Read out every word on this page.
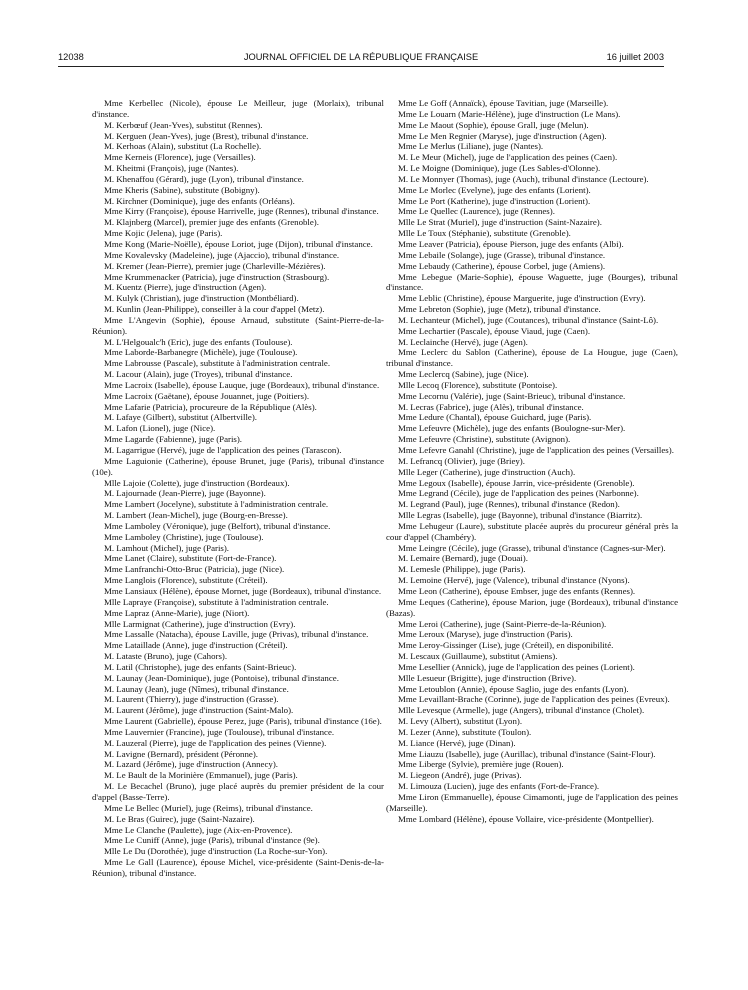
12038	JOURNAL OFFICIEL DE LA RÉPUBLIQUE FRANÇAISE	16 juillet 2003

Mme Kerbellec (Nicole), épouse Le Meilleur, juge (Morlaix), tribunal d'instance.

M. Kerbœuf (Jean-Yves), substitut (Rennes).

M. Kerguen (Jean-Yves), juge (Brest), tribunal d'instance.

M. Kerhoas (Alain), substitut (La Rochelle).

Mme Kerneis (Florence), juge (Versailles).

M. Kheitmi (François), juge (Nantes).

M. Khenaffou (Gérard), juge (Lyon), tribunal d'instance.

Mme Kheris (Sabine), substitute (Bobigny).

M. Kirchner (Dominique), juge des enfants (Orléans).

Mme Kirry (Françoise), épouse Harrivelle, juge (Rennes), tribunal d'instance.

M. Klajnberg (Marcel), premier juge des enfants (Grenoble).

Mme Kojic (Jelena), juge (Paris).

Mme Kong (Marie-Noëlle), épouse Loriot, juge (Dijon), tribunal d'instance.

Mme Kovalevsky (Madeleine), juge (Ajaccio), tribunal d'instance.

M. Kremer (Jean-Pierre), premier juge (Charleville-Mézières).

Mme Krummenacker (Patricia), juge d'instruction (Strasbourg).

M. Kuentz (Pierre), juge d'instruction (Agen).

M. Kulyk (Christian), juge d'instruction (Montbéliard).

M. Kunlin (Jean-Philippe), conseiller à la cour d'appel (Metz).

Mme L'Angevin (Sophie), épouse Arnaud, substitute (Saint-Pierre-de-la-Réunion).

M. L'Helgoualc'h (Eric), juge des enfants (Toulouse).

Mme Laborde-Barbanegre (Michèle), juge (Toulouse).

Mme Labrousse (Pascale), substitute à l'administration centrale.

M. Lacour (Alain), juge (Troyes), tribunal d'instance.

Mme Lacroix (Isabelle), épouse Lauque, juge (Bordeaux), tribunal d'instance.

Mme Lacroix (Gaëtane), épouse Jouannet, juge (Poitiers).

Mme Lafarie (Patricia), procureure de la République (Alès).

M. Lafaye (Gilbert), substitut (Albertville).

M. Lafon (Lionel), juge (Nice).

Mme Lagarde (Fabienne), juge (Paris).

M. Lagarrigue (Hervé), juge de l'application des peines (Tarascon).

Mme Laguionie (Catherine), épouse Brunet, juge (Paris), tribunal d'instance (10e).

Mlle Lajoie (Colette), juge d'instruction (Bordeaux).

M. Lajournade (Jean-Pierre), juge (Bayonne).

Mme Lambert (Jocelyne), substitute à l'administration centrale.

M. Lambert (Jean-Michel), juge (Bourg-en-Bresse).

Mme Lamboley (Véronique), juge (Belfort), tribunal d'instance.

Mme Lamboley (Christine), juge (Toulouse).

M. Lamhout (Michel), juge (Paris).

Mme Lanet (Claire), substitute (Fort-de-France).

Mme Lanfranchi-Otto-Bruc (Patricia), juge (Nice).

Mme Langlois (Florence), substitute (Créteil).

Mme Lansiaux (Hélène), épouse Mornet, juge (Bordeaux), tribunal d'instance.

Mlle Lapraye (Françoise), substitute à l'administration centrale.

Mme Lapraz (Anne-Marie), juge (Niort).

Mlle Larmignat (Catherine), juge d'instruction (Evry).

Mme Lassalle (Natacha), épouse Laville, juge (Privas), tribunal d'instance.

Mme Lataillade (Anne), juge d'instruction (Créteil).

M. Lataste (Bruno), juge (Cahors).

M. Latil (Christophe), juge des enfants (Saint-Brieuc).

M. Launay (Jean-Dominique), juge (Pontoise), tribunal d'instance.

M. Launay (Jean), juge (Nîmes), tribunal d'instance.

M. Laurent (Thierry), juge d'instruction (Grasse).

M. Laurent (Jérôme), juge d'instruction (Saint-Malo).

Mme Laurent (Gabrielle), épouse Perez, juge (Paris), tribunal d'instance (16e).

Mme Lauvernier (Francine), juge (Toulouse), tribunal d'instance.

M. Lauzeral (Pierre), juge de l'application des peines (Vienne).

M. Lavigne (Bernard), président (Péronne).

M. Lazard (Jérôme), juge d'instruction (Annecy).

M. Le Bault de la Morinière (Emmanuel), juge (Paris).

M. Le Becachel (Bruno), juge placé auprès du premier président de la cour d'appel (Basse-Terre).

Mme Le Bellec (Muriel), juge (Reims), tribunal d'instance.

M. Le Bras (Guirec), juge (Saint-Nazaire).

Mme Le Clanche (Paulette), juge (Aix-en-Provence).

Mme Le Cuniff (Anne), juge (Paris), tribunal d'instance (9e).

Mlle Le Du (Dorothée), juge d'instruction (La Roche-sur-Yon).

Mme Le Gall (Laurence), épouse Michel, vice-présidente (Saint-Denis-de-la-Réunion), tribunal d'instance.

Mme Le Goff (Annaïck), épouse Tavitian, juge (Marseille).

Mme Le Louarn (Marie-Hélène), juge d'instruction (Le Mans).

Mme Le Maout (Sophie), épouse Grall, juge (Melun).

Mme Le Men Regnier (Maryse), juge d'instruction (Agen).

Mme Le Merlus (Liliane), juge (Nantes).

M. Le Meur (Michel), juge de l'application des peines (Caen).

M. Le Moigne (Dominique), juge (Les Sables-d'Olonne).

M. Le Monnyer (Thomas), juge (Auch), tribunal d'instance (Lectoure).

Mme Le Morlec (Evelyne), juge des enfants (Lorient).

Mme Le Port (Katherine), juge d'instruction (Lorient).

Mme Le Quellec (Laurence), juge (Rennes).

Mlle Le Strat (Muriel), juge d'instruction (Saint-Nazaire).

Mlle Le Toux (Stéphanie), substitute (Grenoble).

Mme Leaver (Patricia), épouse Pierson, juge des enfants (Albi).

Mme Lebaile (Solange), juge (Grasse), tribunal d'instance.

Mme Lebaudy (Catherine), épouse Corbel, juge (Amiens).

Mme Lebegue (Marie-Sophie), épouse Waguette, juge (Bourges), tribunal d'instance.

Mme Leblic (Christine), épouse Marguerite, juge d'instruction (Evry).

Mme Lebreton (Sophie), juge (Metz), tribunal d'instance.

M. Lechanteur (Michel), juge (Coutances), tribunal d'instance (Saint-Lô).

Mme Lechartier (Pascale), épouse Viaud, juge (Caen).

M. Leclainche (Hervé), juge (Agen).

Mme Leclerc du Sablon (Catherine), épouse de La Hougue, juge (Caen), tribunal d'instance.

Mme Leclercq (Sabine), juge (Nice).

Mlle Lecoq (Florence), substitute (Pontoise).

Mme Lecornu (Valérie), juge (Saint-Brieuc), tribunal d'instance.

M. Lecras (Fabrice), juge (Alès), tribunal d'instance.

Mme Ledure (Chantal), épouse Guichard, juge (Paris).

Mme Lefeuvre (Michèle), juge des enfants (Boulogne-sur-Mer).

Mme Lefeuvre (Christine), substitute (Avignon).

Mme Lefevre Ganahl (Christine), juge de l'application des peines (Versailles).

M. Lefrancq (Olivier), juge (Briey).

Mlle Leger (Catherine), juge d'instruction (Auch).

Mme Legoux (Isabelle), épouse Jarrin, vice-présidente (Grenoble).

Mme Legrand (Cécile), juge de l'application des peines (Narbonne).

M. Legrand (Paul), juge (Rennes), tribunal d'instance (Redon).

Mlle Legras (Isabelle), juge (Bayonne), tribunal d'instance (Biarritz).

Mme Lehugeur (Laure), substitute placée auprès du procureur général près la cour d'appel (Chambéry).

Mme Leingre (Cécile), juge (Grasse), tribunal d'instance (Cagnes-sur-Mer).

M. Lemaire (Bernard), juge (Douai).

M. Lemesle (Philippe), juge (Paris).

M. Lemoine (Hervé), juge (Valence), tribunal d'instance (Nyons).

Mme Leon (Catherine), épouse Embser, juge des enfants (Rennes).

Mme Leques (Catherine), épouse Marion, juge (Bordeaux), tribunal d'instance (Bazas).

Mme Leroi (Catherine), juge (Saint-Pierre-de-la-Réunion).

Mme Leroux (Maryse), juge d'instruction (Paris).

Mme Leroy-Gissinger (Lise), juge (Créteil), en disponibilité.

M. Lescaux (Guillaume), substitut (Amiens).

Mme Lesellier (Annick), juge de l'application des peines (Lorient).

Mlle Lesueur (Brigitte), juge d'instruction (Brive).

Mme Letoublon (Annie), épouse Saglio, juge des enfants (Lyon).

Mme Levaillant-Brache (Corinne), juge de l'application des peines (Evreux).

Mlle Levesque (Armelle), juge (Angers), tribunal d'instance (Cholet).

M. Levy (Albert), substitut (Lyon).

M. Lezer (Anne), substitute (Toulon).

M. Liance (Hervé), juge (Dinan).

Mme Liauzu (Isabelle), juge (Aurillac), tribunal d'instance (Saint-Flour).

Mme Liberge (Sylvie), première juge (Rouen).

M. Liegeon (André), juge (Privas).

M. Limouza (Lucien), juge des enfants (Fort-de-France).

Mme Liron (Emmanuelle), épouse Cimamonti, juge de l'application des peines (Marseille).

Mme Lombard (Hélène), épouse Vollaire, vice-présidente (Montpellier).
